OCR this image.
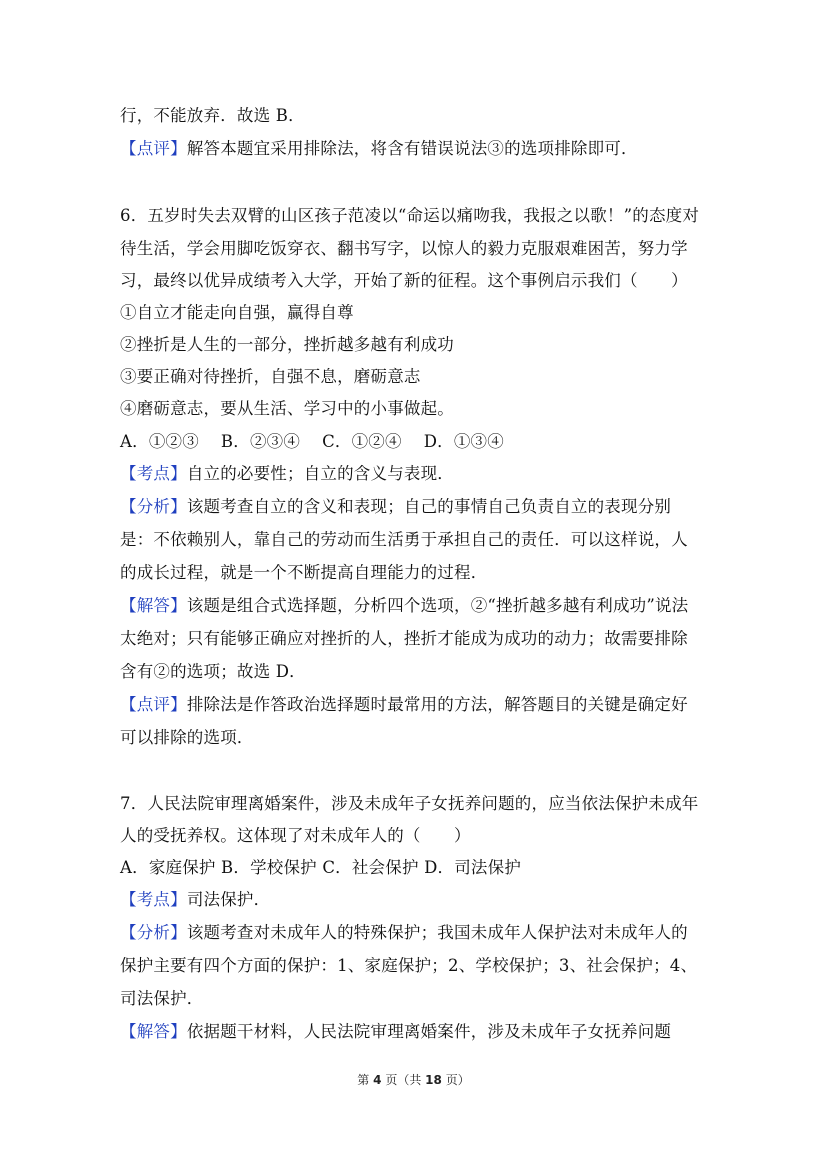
行，不能放弃．故选 B．
【点评】解答本题宜采用排除法，将含有错误说法③的选项排除即可．
6．五岁时失去双臂的山区孩子范凌以“命运以痛吻我，我报之以歌！”的态度对
待生活，学会用脚吃饭穿衣、翻书写字，以惊人的毅力克服艰难困苦，努力学
习，最终以优异成绩考入大学，开始了新的征程。这个事例启示我们（　　）
①自立才能走向自强，赢得自尊
②挫折是人生的一部分，挫折越多越有利成功
③要正确对待挫折，自强不息，磨砺意志
④磨砺意志，要从生活、学习中的小事做起。
A．①②③ B．②③④ C．①②④ D．①③④
【考点】自立的必要性；自立的含义与表现．
【分析】该题考查自立的含义和表现；自己的事情自己负责自立的表现分别
是：不依赖别人，靠自己的劳动而生活勇于承担自己的责任．可以这样说，人
的成长过程，就是一个不断提高自理能力的过程．
【解答】该题是组合式选择题，分析四个选项，②“挫折越多越有利成功”说法
太绝对；只有能够正确应对挫折的人，挫折才能成为成功的动力；故需要排除
含有②的选项；故选 D．
【点评】排除法是作答政治选择题时最常用的方法，解答题目的关键是确定好
可以排除的选项．
7．人民法院审理离婚案件，涉及未成年子女抚养问题的，应当依法保护未成年
人的受抚养权。这体现了对未成年人的（　　）
A．家庭保护 B．学校保护 C．社会保护 D．司法保护
【考点】司法保护．
【分析】该题考查对未成年人的特殊保护；我国未成年人保护法对未成年人的
保护主要有四个方面的保护：1、家庭保护；2、学校保护；3、社会保护；4、
司法保护．
【解答】依据题干材料，人民法院审理离婚案件，涉及未成年子女抚养问题
第 4 页（共 18 页）
